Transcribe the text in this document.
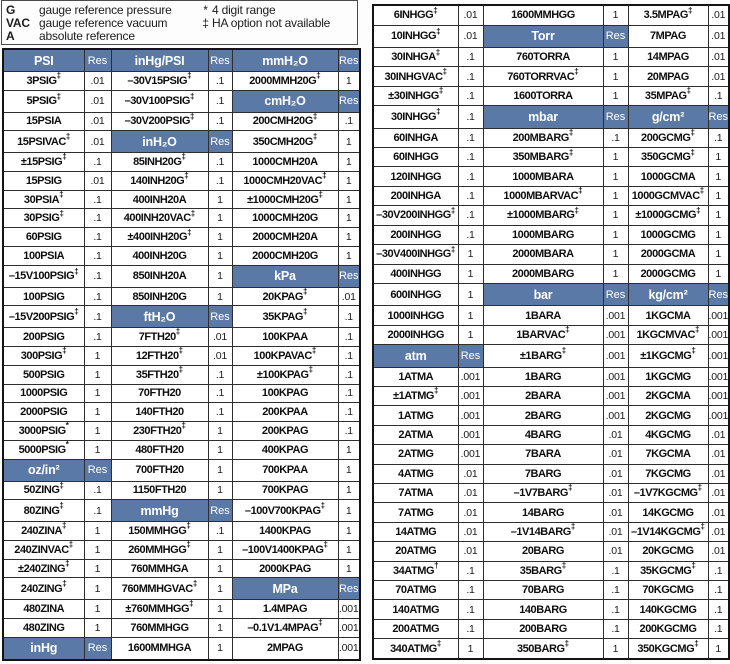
G gauge reference pressure
VAC gauge reference vacuum
A absolute reference
* 4 digit range
‡ HA option not available
PSI	Res	inHg/PSI	Res	mmH₂O	Res
3PSIG‡	.01	–30V15PSIG‡	.1	2000MMH20G‡	1
5PSIG‡	.01	–30V100PSIG‡	.1	cmH₂O	Res
15PSIA	.01	–30V200PSIG‡	.1	200CMH20G‡	.1
15PSIVAC‡	.01	inH₂O	Res	350CMH20G‡	1
±15PSIG‡	.1	85INH20G‡	.1	1000CMH20A	1
15PSIG	.01	140INH20G‡	.1	1000CMH20VAC‡	1
30PSIA‡	.1	400INH20A	1	±1000CMH20G‡	1
30PSIG‡	.1	400INH20VAC‡	1	1000CMH20G	1
60PSIG	.1	±400INH20G‡	1	2000CMH20A	1
100PSIA	.1	400INH20G	1	2000CMH20G	1
–15V100PSIG‡	.1	850INH20A	1	kPa	Res
100PSIG	.1	850INH20G	1	20KPAG‡	.01
–15V200PSIG‡	.1	ftH₂O	Res	35KPAG‡	.1
200PSIG	.1	7FTH20‡	.01	100KPAA	.1
300PSIG‡	1	12FTH20‡	.01	100KPAVAC‡	.1
500PSIG	1	35FTH20‡	.1	±100KPAG‡	.1
1000PSIG	1	70FTH20	.1	100KPAG	.1
2000PSIG	1	140FTH20	.1	200KPAA	.1
3000PSIG*	1	230FTH20‡	1	200KPAG	.1
5000PSIG*	1	480FTH20	1	400KPAG	1
oz/in²	Res	700FTH20	1	700KPAA	1
50ZING‡	.1	1150FTH20	1	700KPAG	1
80ZING‡	.1	mmHg	Res	–100V700KPAG‡	1
240ZINA‡	1	150MMHGG‡	.1	1400KPAG	1
240ZINVAC‡	1	260MMHGG‡	1	–100V1400KPAG‡	1
±240ZING‡	1	760MMHGA	1	2000KPAG	1
240ZING‡	1	760MMHGVAC‡	1	MPa	Res
480ZINA	1	±760MMHGG‡	1	1.4MPAG	.001
480ZING	1	760MMHGG	1	–0.1V1.4MPAG‡	.001
inHg	Res	1600MMHGA	1	2MPAG	.001
6INHGG‡	.01	1600MMHGG	1	3.5MPAG‡	.01
10INHGG‡	.01	Torr	Res	7MPAG	.01
30INHGA‡	.1	760TORRA	1	14MPAG	.01
30INHGVAC‡	.1	760TORRVAC‡	1	20MPAG	.01
±30INHGG‡	.1	1600TORRA	1	35MPAG‡	.1
30INHGG‡	.1	mbar	Res	g/cm²	Res
60INHGA	.1	200MBARG‡	.1	200GCMG‡	.1
60INHGG	.1	350MBARG‡	1	350GCMG‡	1
120INHGG	.1	1000MBARA	1	1000GCMA	1
200INHGA	.1	1000MBARVAC‡	1	1000GCMVAC‡	1
–30V200INHGG‡	.1	±1000MBARG‡	1	±1000GCMG‡	1
200INHGG	.1	1000MBARG	1	1000GCMG	1
–30V400INHGG‡	1	2000MBARA	1	2000GCMA	1
400INHGG	1	2000MBARG	1	2000GCMG	1
600INHGG	1	bar	Res	kg/cm²	Res
1000INHGG	1	1BARA	.001	1KGCMA	.001
2000INHGG	1	1BARVAC‡	.001	1KGCMVAC‡	.001
atm	Res	±1BARG‡	.001	±1KGCMG‡	.001
1ATMA	.001	1BARG	.001	1KGCMG	.001
±1ATMG‡	.001	2BARA	.001	2KGCMA	.001
1ATMG	.001	2BARG	.001	2KGCMG	.001
2ATMA	.001	4BARG	.01	4KGCMG	.01
2ATMG	.001	7BARA	.01	7KGCMA	.01
4ATMG	.01	7BARG	.01	7KGCMG	.01
7ATMA	.01	–1V7BARG‡	.01	–1V7KGCMG‡	.01
7ATMG	.01	14BARG	.01	14KGCMG	.01
14ATMG	.01	–1V14BARG‡	.01	–1V14KGCMG‡	.01
20ATMG	.01	20BARG	.01	20KGCMG	.01
34ATMG†	.1	35BARG‡	.1	35KGCMG‡	.1
70ATMG	.1	70BARG	.1	70KGCMG	.1
140ATMG	.1	140BARG	.1	140KGCMG	.1
200ATMG	.1	200BARG	.1	200KGCMG	.1
340ATMG‡	1	350BARG‡	1	350KGCMG‡	1
